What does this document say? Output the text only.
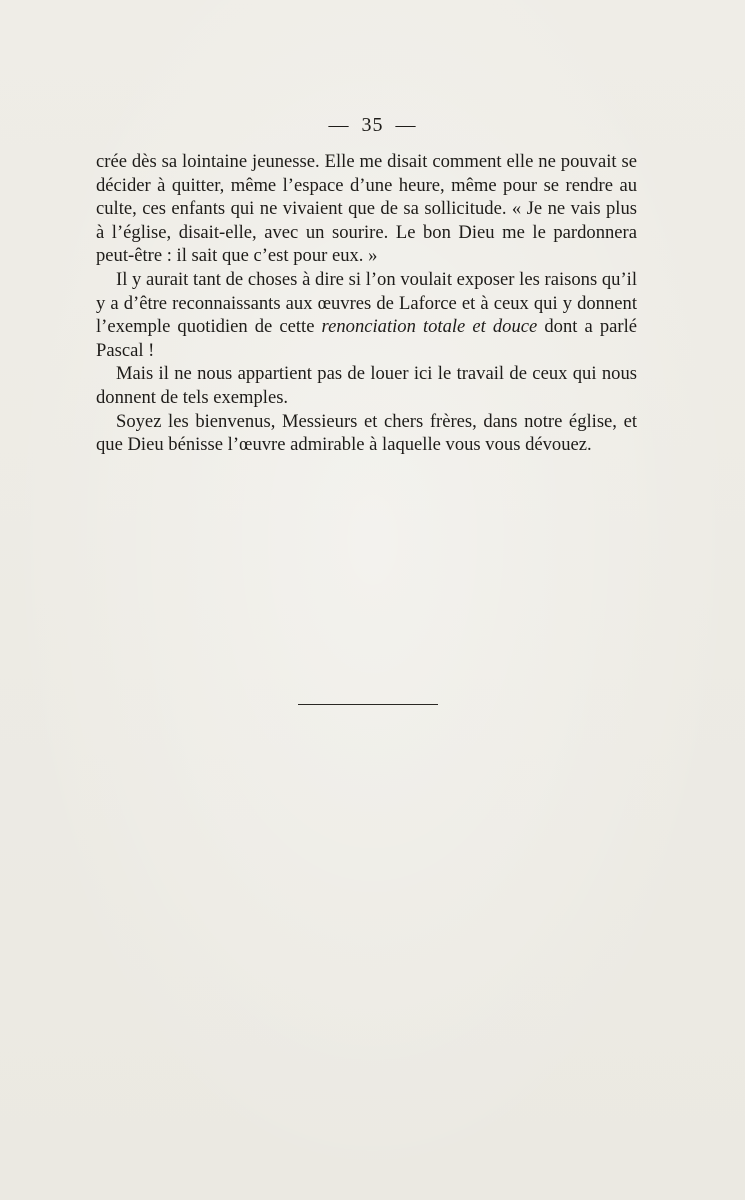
— 35 —

crée dès sa lointaine jeunesse. Elle me disait comment elle ne pouvait se décider à quitter, même l’espace d’une heure, même pour se rendre au culte, ces enfants qui ne vivaient que de sa sollicitude. « Je ne vais plus à l’église, disait-elle, avec un sourire. Le bon Dieu me le pardonnera peut-être : il sait que c’est pour eux. »

Il y aurait tant de choses à dire si l’on voulait exposer les raisons qu’il y a d’être reconnaissants aux œuvres de Laforce et à ceux qui y donnent l’exemple quotidien de cette renonciation totale et douce dont a parlé Pascal !

Mais il ne nous appartient pas de louer ici le travail de ceux qui nous donnent de tels exemples.

Soyez les bienvenus, Messieurs et chers frères, dans notre église, et que Dieu bénisse l’œuvre admirable à laquelle vous vous dévouez.
